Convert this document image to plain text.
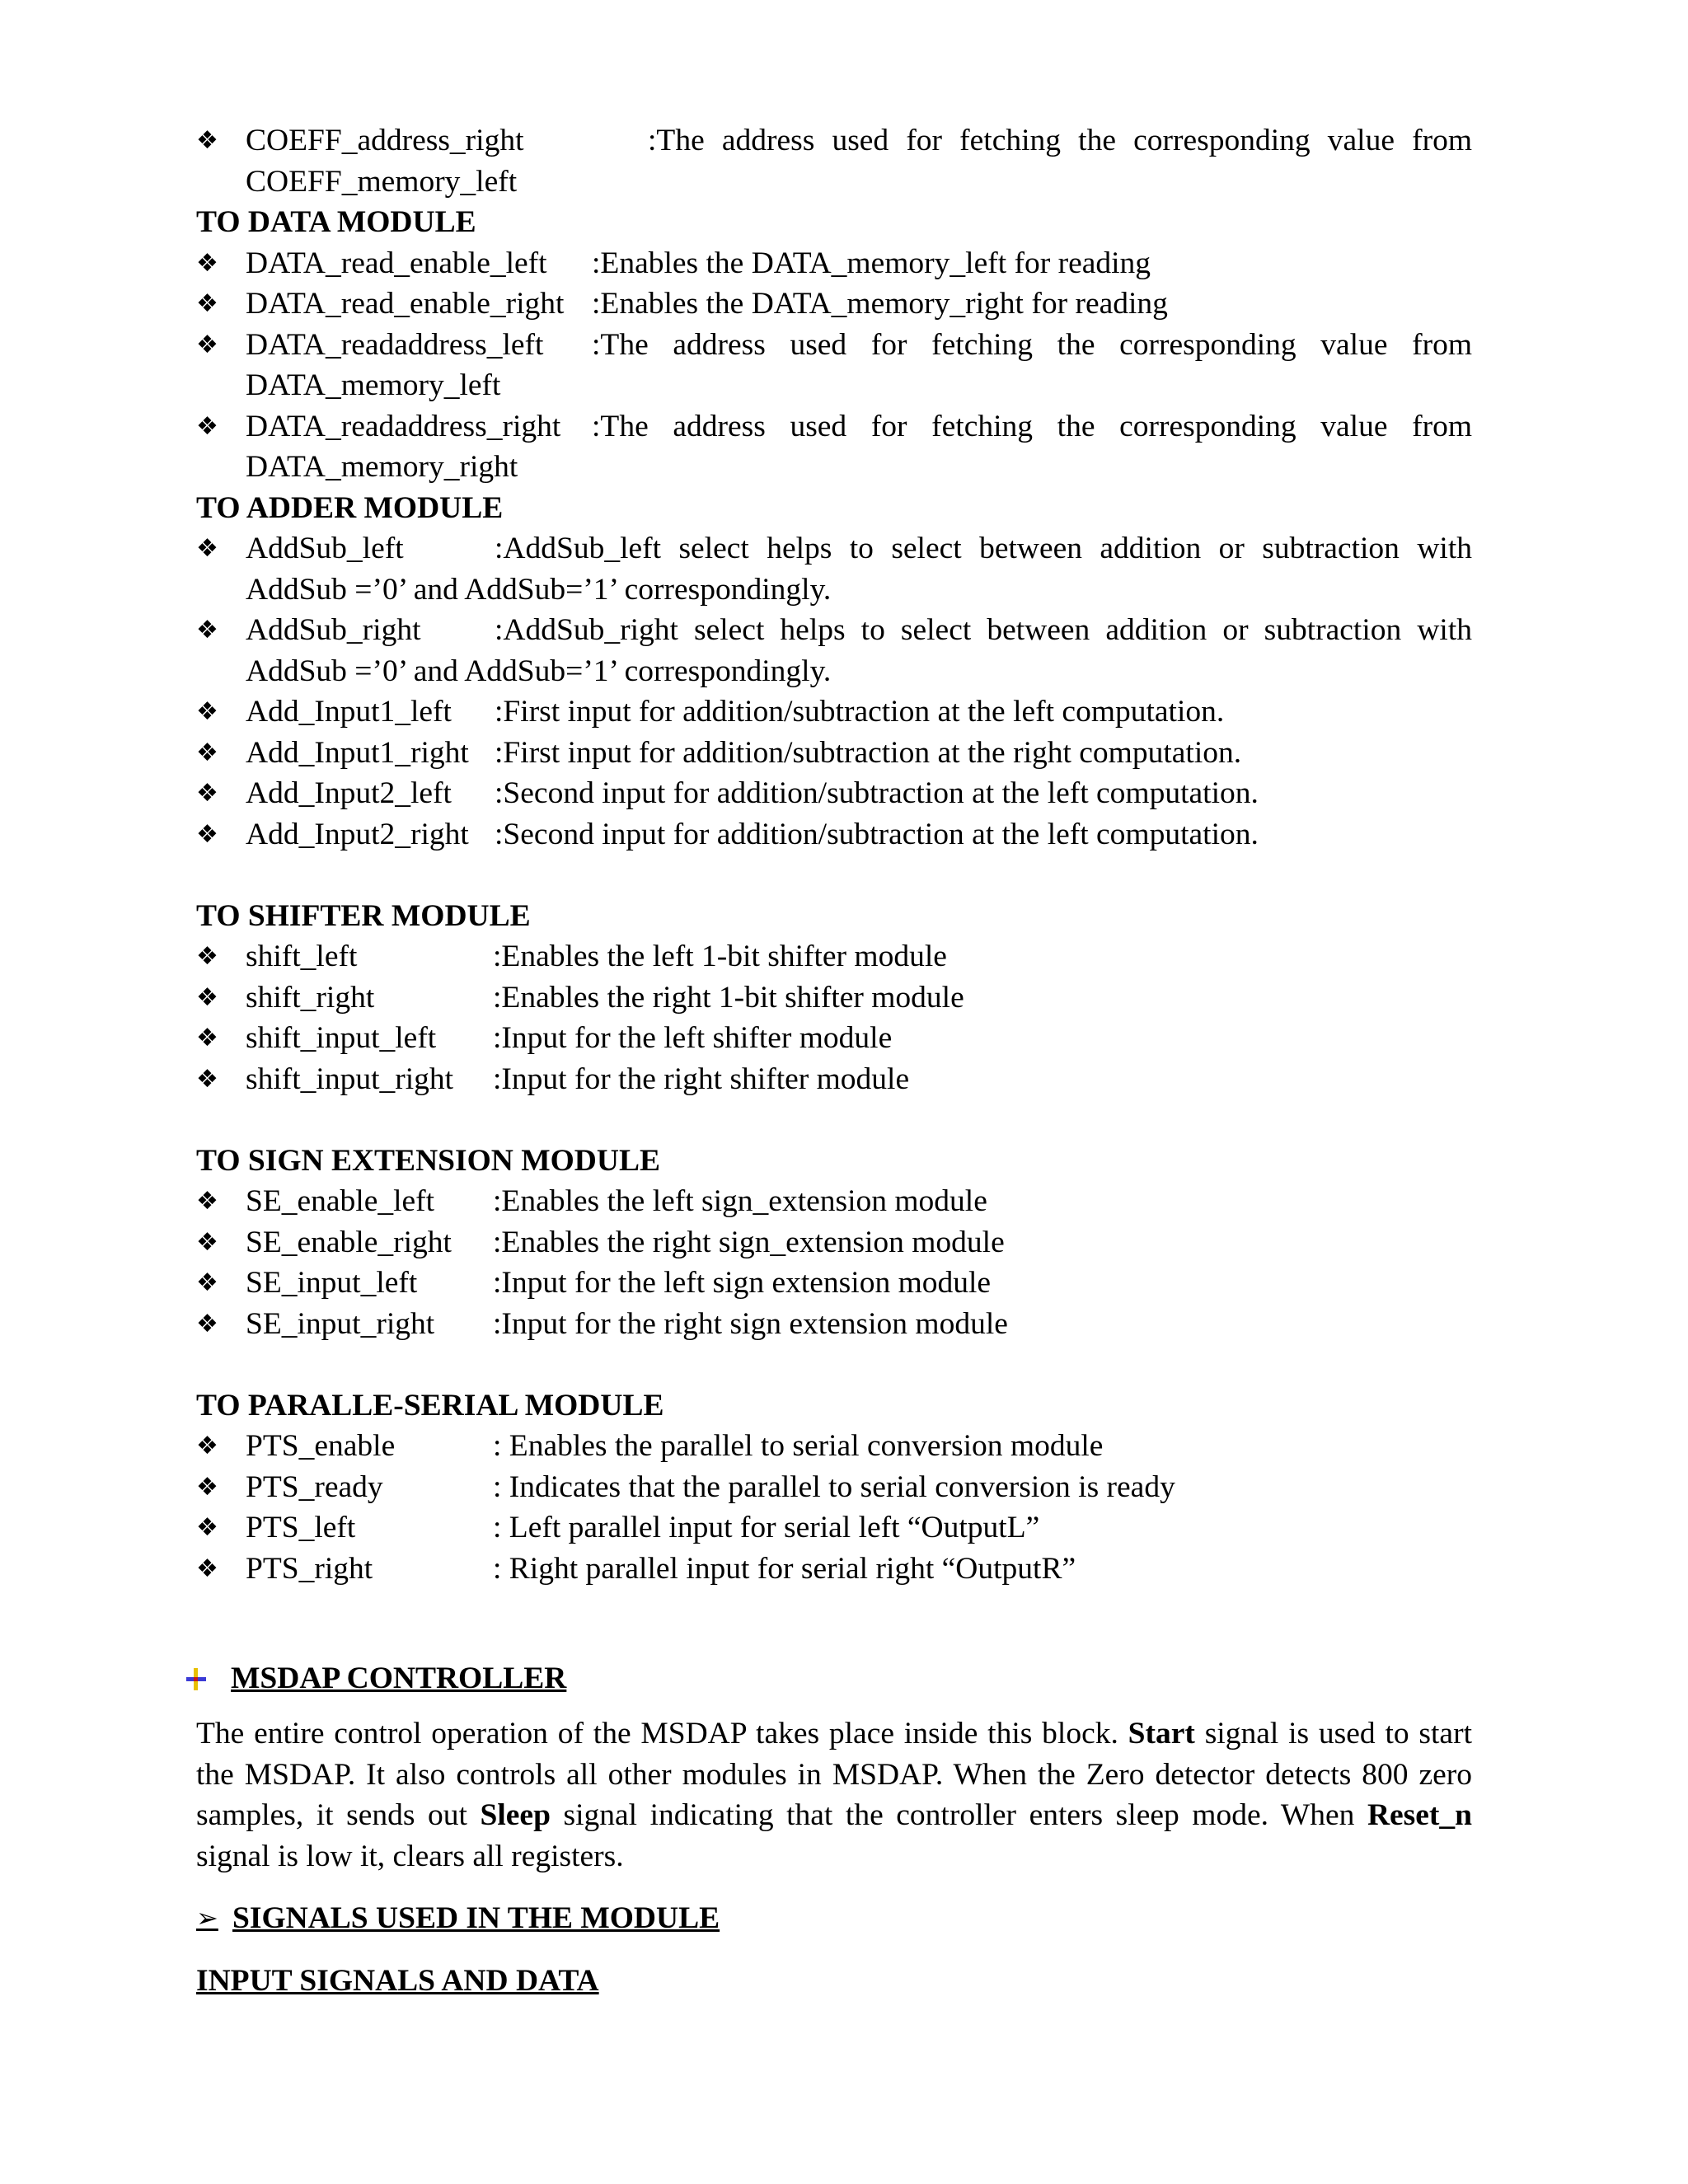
❖ COEFF_address_right	:The address used for fetching the corresponding value from
COEFF_memory_left
TO DATA MODULE
❖ DATA_read_enable_left	:Enables the DATA_memory_left for reading
❖ DATA_read_enable_right :Enables the DATA_memory_right for reading
❖ DATA_readaddress_left	:The address used for fetching the corresponding value from
DATA_memory_left
❖ DATA_readaddress_right	:The address used for fetching the corresponding value from
DATA_memory_right
TO ADDER MODULE
❖ AddSub_left	:AddSub_left select helps to select between addition or subtraction with
AddSub =’0’ and AddSub=’1’ correspondingly.
❖ AddSub_right	:AddSub_right select helps to select between addition or subtraction with
AddSub =’0’ and AddSub=’1’ correspondingly.
❖ Add_Input1_left	:First input for addition/subtraction at the left computation.
❖ Add_Input1_right :First input for addition/subtraction at the right computation.
❖ Add_Input2_left	:Second input for addition/subtraction at the left computation.
❖ Add_Input2_right :Second input for addition/subtraction at the left computation.
TO SHIFTER MODULE
❖ shift_left	:Enables the left 1-bit shifter module
❖ shift_right	:Enables the right 1-bit shifter module
❖ shift_input_left	:Input for the left shifter module
❖ shift_input_right	:Input for the right shifter module
TO SIGN EXTENSION MODULE
❖ SE_enable_left	:Enables the left sign_extension module
❖ SE_enable_right	:Enables the right sign_extension module
❖ SE_input_left	:Input for the left sign extension module
❖ SE_input_right	:Input for the right sign extension module
TO PARALLE-SERIAL MODULE
❖ PTS_enable	: Enables the parallel to serial conversion module
❖ PTS_ready	: Indicates that the parallel to serial conversion is ready
❖ PTS_left	: Left parallel input for serial left “OutputL”
❖ PTS_right	: Right parallel input for serial right “OutputR”
MSDAP CONTROLLER
The entire control operation of the MSDAP takes place inside this block. Start signal is used to start the MSDAP. It also controls all other modules in MSDAP. When the Zero detector detects 800 zero samples, it sends out Sleep signal indicating that the controller enters sleep mode. When Reset_n signal is low it, clears all registers.
➢ SIGNALS USED IN THE MODULE
INPUT SIGNALS AND DATA
